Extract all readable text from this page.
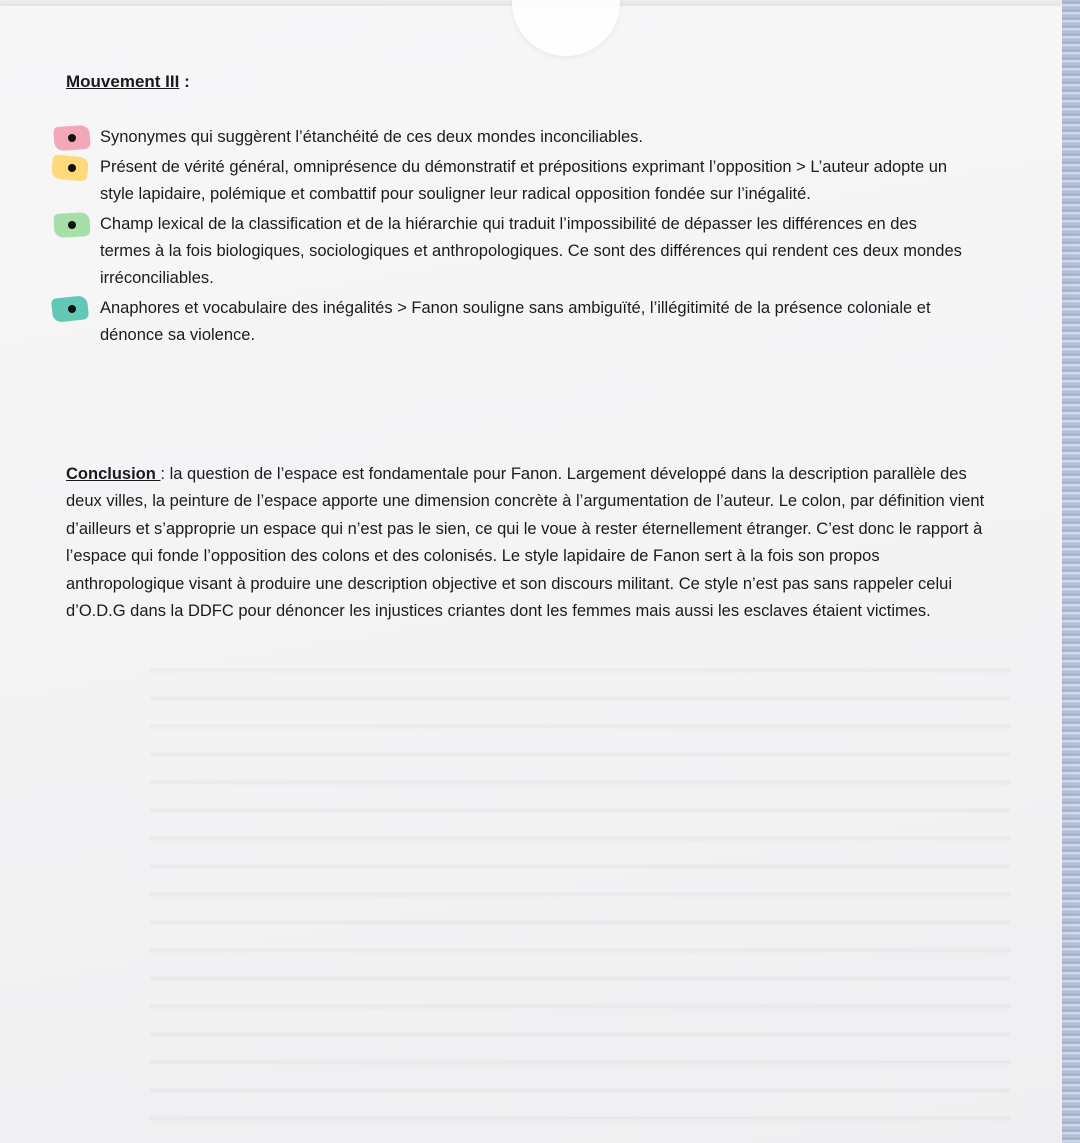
Mouvement III :
Synonymes qui suggèrent l’étanchéité de ces deux mondes inconciliables.
Présent de vérité général, omniprésence du démonstratif et prépositions exprimant l’opposition > L’auteur adopte un style lapidaire, polémique et combattif pour souligner leur radical opposition fondée sur l’inégalité.
Champ lexical de la classification et de la hiérarchie qui traduit l’impossibilité de dépasser les différences en des termes à la fois biologiques, sociologiques et anthropologiques. Ce sont des différences qui rendent ces deux mondes irréconciliables.
Anaphores et vocabulaire des inégalités > Fanon souligne sans ambiguïté, l’illégitimité de la présence coloniale et dénonce sa violence.

Conclusion : la question de l’espace est fondamentale pour Fanon. Largement développé dans la description parallèle des deux villes, la peinture de l’espace apporte une dimension concrète à l’argumentation de l’auteur. Le colon, par définition vient d’ailleurs et s’approprie un espace qui n’est pas le sien, ce qui le voue à rester éternellement étranger. C’est donc le rapport à l’espace qui fonde l’opposition des colons et des colonisés. Le style lapidaire de Fanon sert à la fois son propos anthropologique visant à produire une description objective et son discours militant. Ce style n’est pas sans rappeler celui d’O.D.G dans la DDFC pour dénoncer les injustices criantes dont les femmes mais aussi les esclaves étaient victimes.
